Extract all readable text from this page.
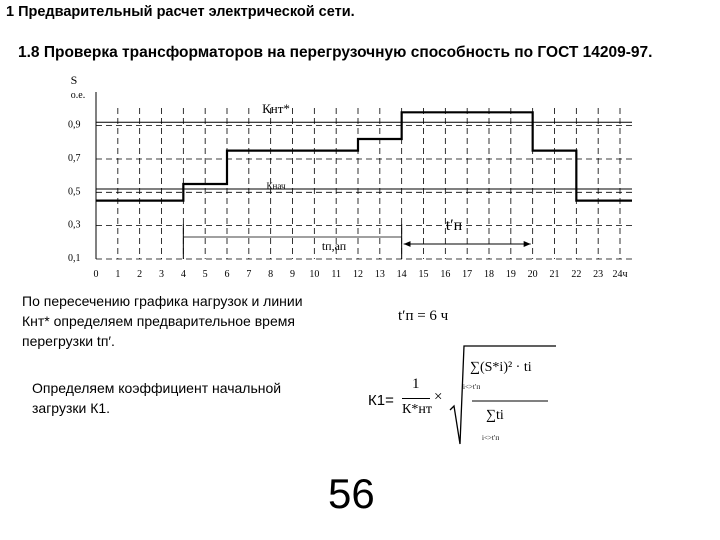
1 Предварительный расчет электрической сети.
1.8 Проверка трансформаторов на перегрузочную способность по ГОСТ 14209-97.
S
о.е.
0,1
0,3
0,5
0,7
0,9
0 1 2 3 4 5 6 7 8 9 10 11 12 13 14 15 16 17 18 19 20 21 22 23 24ч
Кнт*
Кнач
t′п
tп,ап
По пересечению графика нагрузок и линии
Кнт* определяем предварительное время
перегрузки tп′.
Определяем коэффициент начальной
загрузки К1.
t′п = 6 ч
К1=
1
К*нт
×
∑(S*i)² · ti
i<>t′п
∑ti
i<>t′п
56
